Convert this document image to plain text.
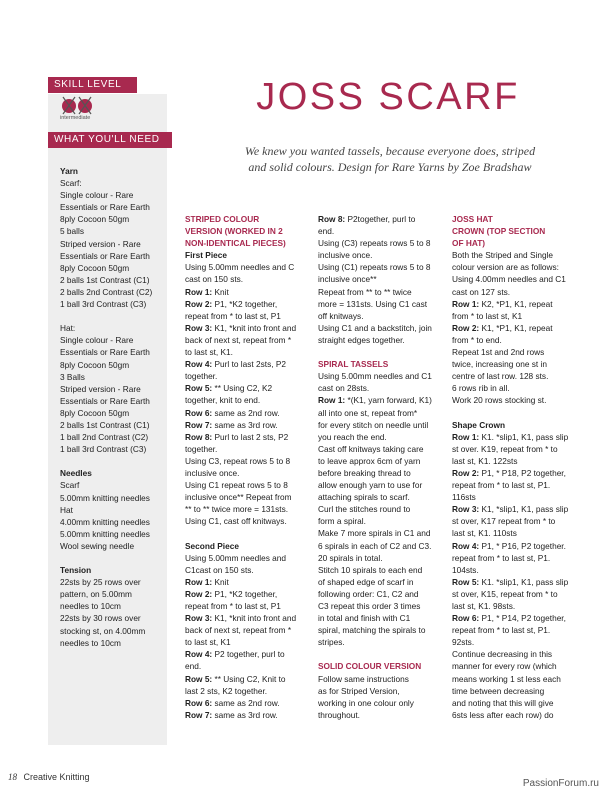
SKILL LEVEL
intermediate
WHAT YOU'LL NEED
Yarn
Scarf:
Single colour - Rare
Essentials or Rare Earth
8ply Cocoon 50gm
5 balls
Striped version - Rare
Essentials or Rare Earth
8ply Cocoon 50gm
2 balls 1st Contrast (C1)
2 balls 2nd Contrast (C2)
1 ball 3rd Contrast (C3)
Hat:
Single colour - Rare
Essentials or Rare Earth
8ply Cocoon 50gm
3 Balls
Striped version - Rare
Essentials or Rare Earth
8ply Cocoon 50gm
2 balls 1st Contrast (C1)
1 ball 2nd Contrast (C2)
1 ball 3rd Contrast (C3)
Needles
Scarf
5.00mm knitting needles
Hat
4.00mm knitting needles
5.00mm knitting needles
Wool sewing needle
Tension
22sts by 25 rows over
pattern, on 5.00mm
needles to 10cm
22sts by 30 rows over
stocking st, on 4.00mm
needles to 10cm
JOSS SCARF
We knew you wanted tassels, because everyone does, striped
and solid colours. Design for Rare Yarns by Zoe Bradshaw

STRIPED COLOUR

VERSION (WORKED IN 2

NON-IDENTICAL PIECES)

First Piece

Using 5.00mm needles and C

cast on 150 sts.

Row 1: Knit

Row 2: P1, *K2 together,

repeat from * to last st, P1

Row 3: K1, *knit into front and

back of next st, repeat from *

to last st, K1.

Row 4: Purl to last 2sts, P2

together.

Row 5: ** Using C2, K2

together, knit to end.

Row 6: same as 2nd row.

Row 7: same as 3rd row.

Row 8: Purl to last 2 sts, P2

together.

Using C3, repeat rows 5 to 8

inclusive once.

Using C1 repeat rows 5 to 8

inclusive once** Repeat from

** to ** twice more = 131sts.

Using C1, cast off knitways.

Second Piece

Using 5.00mm needles and

C1cast on 150 sts.

Row 1: Knit

Row 2: P1, *K2 together,

repeat from * to last st, P1

Row 3: K1, *knit into front and

back of next st, repeat from *

to last st, K1

Row 4: P2 together, purl to

end.

Row 5: ** Using C2, Knit to

last 2 sts, K2 together.

Row 6: same as 2nd row.

Row 7: same as 3rd row.

Row 8: P2together, purl to

end.

Using (C3) repeats rows 5 to 8

inclusive once.

Using (C1) repeats rows 5 to 8

inclusive once**

Repeat from ** to ** twice

more = 131sts. Using C1 cast

off knitways.

Using C1 and a backstitch, join

straight edges together.

SPIRAL TASSELS

Using 5.00mm needles and C1

cast on 28sts.

Row 1: *(K1, yarn forward, K1)

all into one st, repeat from*

for every stitch on needle until

you reach the end.

Cast off knitways taking care

to leave approx 6cm of yarn

before breaking thread to

allow enough yarn to use for

attaching spirals to scarf.

Curl the stitches round to

form a spiral.

Make 7 more spirals in C1 and

6 spirals in each of C2 and C3.

20 spirals in total.

Stitch 10 spirals to each end

of shaped edge of scarf in

following order: C1, C2 and

C3 repeat this order 3 times

in total and finish with C1

spiral, matching the spirals to

stripes.

SOLID COLOUR VERSION

Follow same instructions

as for Striped Version,

working in one colour only

throughout.

JOSS HAT

CROWN (TOP SECTION

OF HAT)

Both the Striped and Single

colour version are as follows:

Using 4.00mm needles and C1

cast on 127 sts.

Row 1: K2, *P1, K1, repeat

from * to last st, K1

Row 2: K1, *P1, K1, repeat

from * to end.

Repeat 1st and 2nd rows

twice, increasing one st in

centre of last row. 128 sts.

6 rows rib in all.

Work 20 rows stocking st.

Shape Crown

Row 1: K1. *slip1, K1, pass slip

st over. K19, repeat from * to

last st, K1. 122sts

Row 2: P1, * P18, P2 together,

repeat from * to last st, P1.

116sts

Row 3: K1, *slip1, K1, pass slip

st over, K17 repeat from * to

last st, K1. 110sts

Row 4: P1, * P16, P2 together.

repeat from * to last st, P1.

104sts.

Row 5: K1. *slip1, K1, pass slip

st over, K15, repeat from * to

last st, K1. 98sts.

Row 6: P1, * P14, P2 together,

repeat from * to last st, P1.

92sts.

Continue decreasing in this

manner for every row (which

means working 1 st less each

time between decreasing

and noting that this will give

6sts less after each row) do

18 Creative Knitting
PassionForum.ru
